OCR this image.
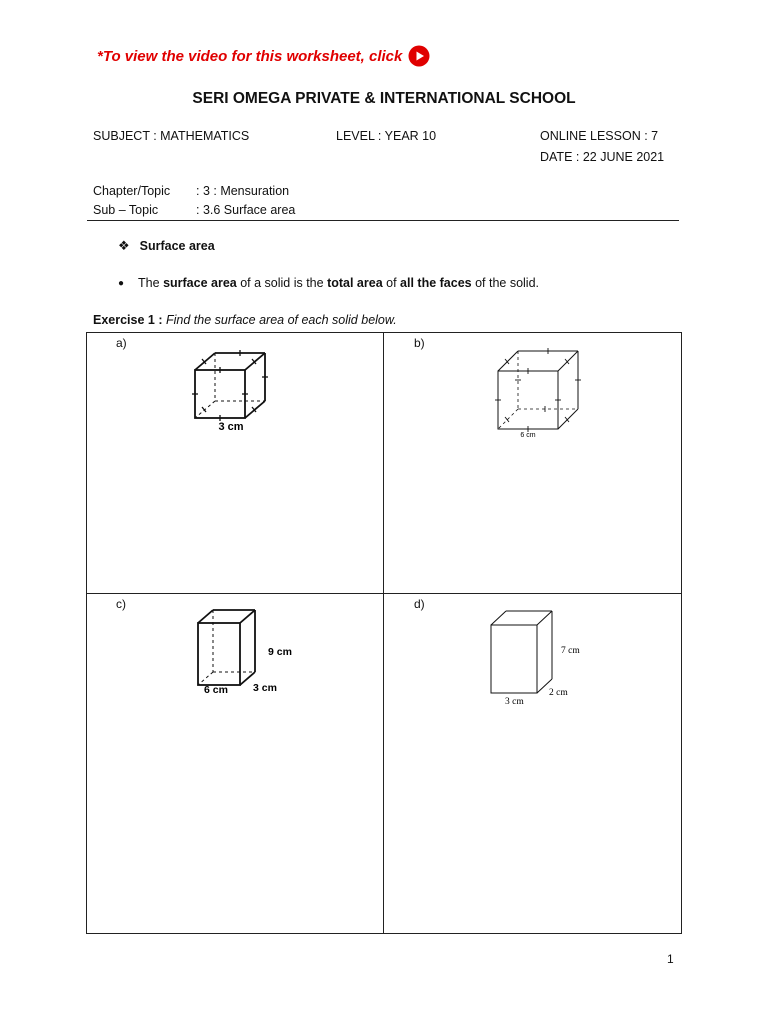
*To view the video for this worksheet, click
SERI OMEGA PRIVATE & INTERNATIONAL SCHOOL
SUBJECT : MATHEMATICS	LEVEL : YEAR 10	ONLINE LESSON : 7
DATE : 22 JUNE 2021
Chapter/Topic : 3 : Mensuration
Sub – Topic	: 3.6 Surface area
❖ Surface area
● The surface area of a solid is the total area of all the faces of the solid.
Exercise 1 : Find the surface area of each solid below.
a)	b)
c)	d)
3 cm
6 cm
9 cm
6 cm 3 cm
7 cm
2 cm
3 cm
1
